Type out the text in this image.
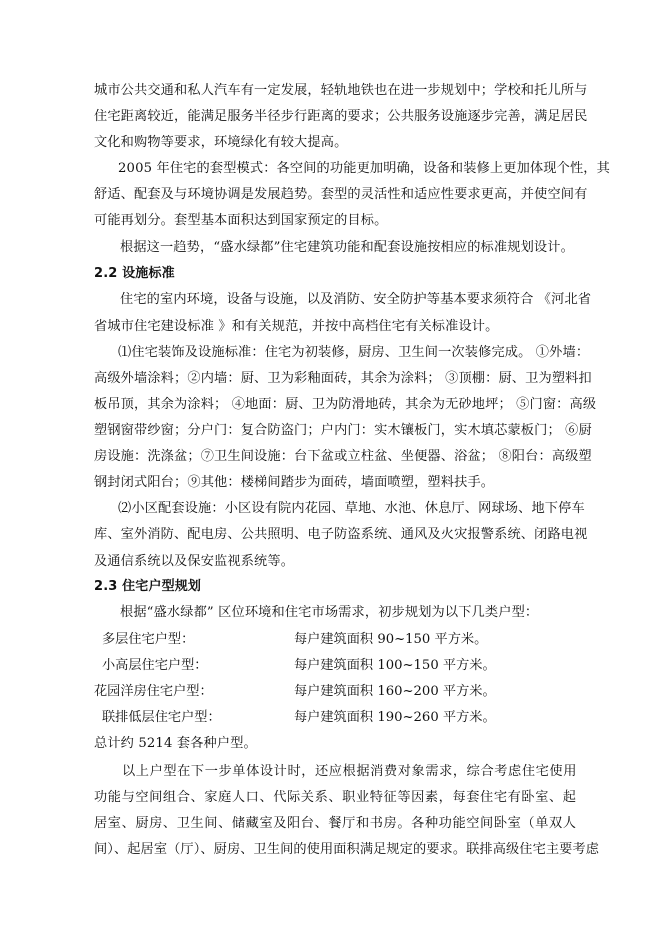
城市公共交通和私人汽车有一定发展，轻轨地铁也在进一步规划中；学校和托儿所与
住宅距离较近，能满足服务半径步行距离的要求；公共服务设施逐步完善，满足居民
文化和购物等要求，环境绿化有较大提高。
2005 年住宅的套型模式：各空间的功能更加明确，设备和装修上更加体现个性，其
舒适、配套及与环境协调是发展趋势。套型的灵活性和适应性要求更高，并使空间有
可能再划分。套型基本面积达到国家预定的目标。
根据这一趋势，“盛水绿都”住宅建筑功能和配套设施按相应的标准规划设计。
2.2 设施标准
住宅的室内环境，设备与设施，以及消防、安全防护等基本要求须符合 《河北省
省城市住宅建设标准 》和有关规范，并按中高档住宅有关标准设计。
⑴住宅装饰及设施标准：住宅为初装修，厨房、卫生间一次装修完成。 ①外墙：
高级外墙涂料；②内墙：厨、卫为彩釉面砖，其余为涂料； ③顶棚：厨、卫为塑料扣
板吊顶，其余为涂料； ④地面：厨、卫为防滑地砖，其余为无砂地坪； ⑤门窗：高级
塑钢窗带纱窗；分户门：复合防盗门；户内门：实木镶板门，实木填芯蒙板门； ⑥厨
房设施：洗涤盆；⑦卫生间设施：台下盆或立柱盆、坐便器、浴盆； ⑧阳台：高级塑
钢封闭式阳台；⑨其他：楼梯间踏步为面砖，墙面喷塑，塑料扶手。
⑵小区配套设施：小区设有院内花园、草地、水池、休息厅、网球场、地下停车
库、室外消防、配电房、公共照明、电子防盗系统、通风及火灾报警系统、闭路电视
及通信系统以及保安监视系统等。
2.3 住宅户型规划
根据“盛水绿都” 区位环境和住宅市场需求，初步规划为以下几类户型：
多层住宅户型：	每户建筑面积 90~150 平方米。
小高层住宅户型：	每户建筑面积 100~150 平方米。
花园洋房住宅户型：	每户建筑面积 160~200 平方米。
联排低层住宅户型：	每户建筑面积 190~260 平方米。
总计约 5214 套各种户型。
以上户型在下一步单体设计时，还应根据消费对象需求，综合考虑住宅使用
功能与空间组合、家庭人口、代际关系、职业特征等因素，每套住宅有卧室、起
居室、厨房、卫生间、储藏室及阳台、餐厅和书房。各种功能空间卧室（单双人
间）、起居室（厅）、厨房、卫生间的使用面积满足规定的要求。联排高级住宅主要考虑
